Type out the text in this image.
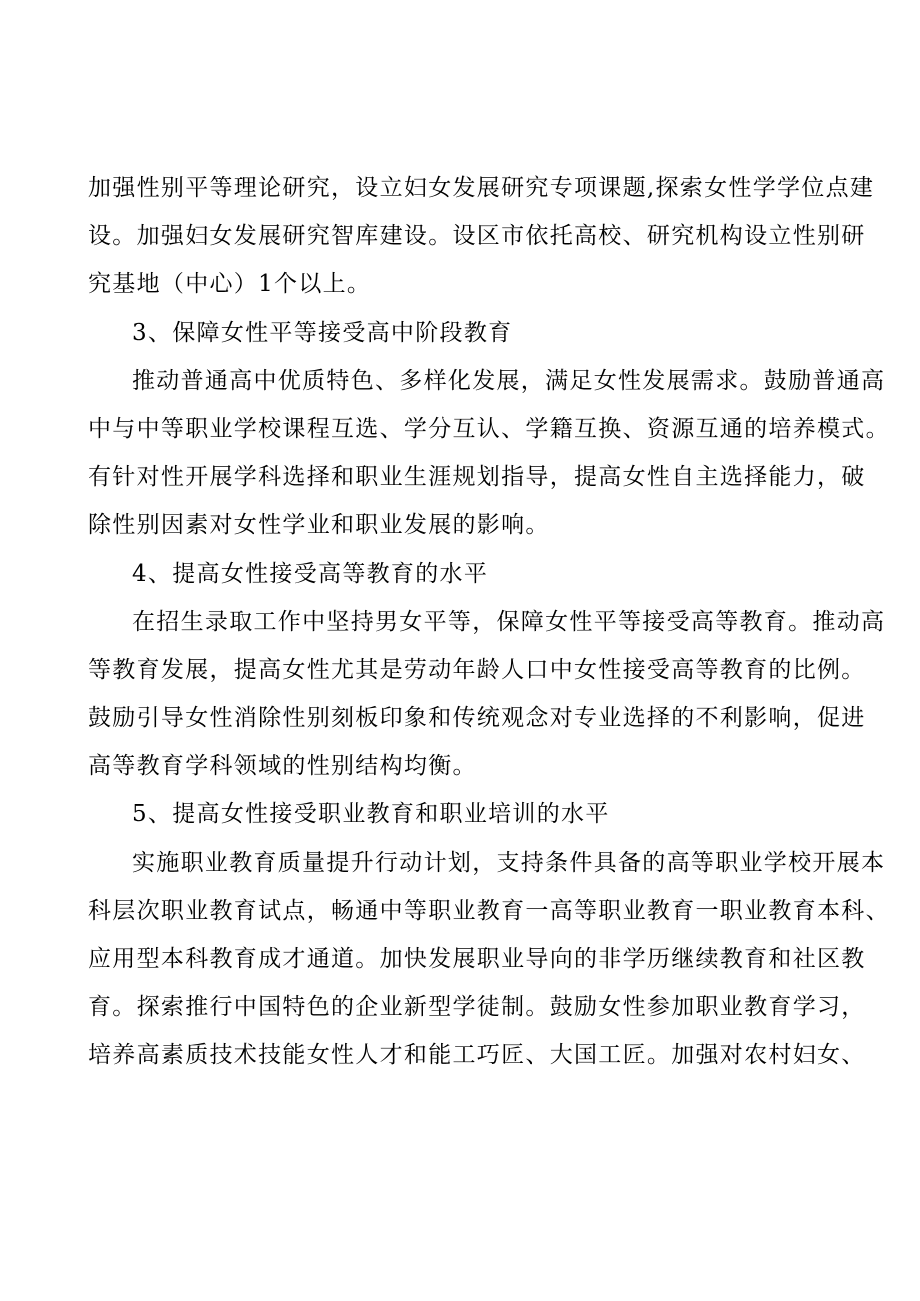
加强性别平等理论研究，设立妇女发展研究专项课题,探索女性学学位点建
设。加强妇女发展研究智库建设。设区市依托高校、研究机构设立性别研
究基地（中心）1个以上。
3、保障女性平等接受高中阶段教育
推动普通高中优质特色、多样化发展，满足女性发展需求。鼓励普通高
中与中等职业学校课程互选、学分互认、学籍互换、资源互通的培养模式。
有针对性开展学科选择和职业生涯规划指导，提高女性自主选择能力，破
除性别因素对女性学业和职业发展的影响。
4、提高女性接受高等教育的水平
在招生录取工作中坚持男女平等，保障女性平等接受高等教育。推动高
等教育发展，提高女性尤其是劳动年龄人口中女性接受高等教育的比例。
鼓励引导女性消除性别刻板印象和传统观念对专业选择的不利影响，促进
高等教育学科领域的性别结构均衡。
5、提高女性接受职业教育和职业培训的水平
实施职业教育质量提升行动计划，支持条件具备的高等职业学校开展本
科层次职业教育试点，畅通中等职业教育一高等职业教育一职业教育本科、
应用型本科教育成才通道。加快发展职业导向的非学历继续教育和社区教
育。探索推行中国特色的企业新型学徒制。鼓励女性参加职业教育学习，
培养高素质技术技能女性人才和能工巧匠、大国工匠。加强对农村妇女、
